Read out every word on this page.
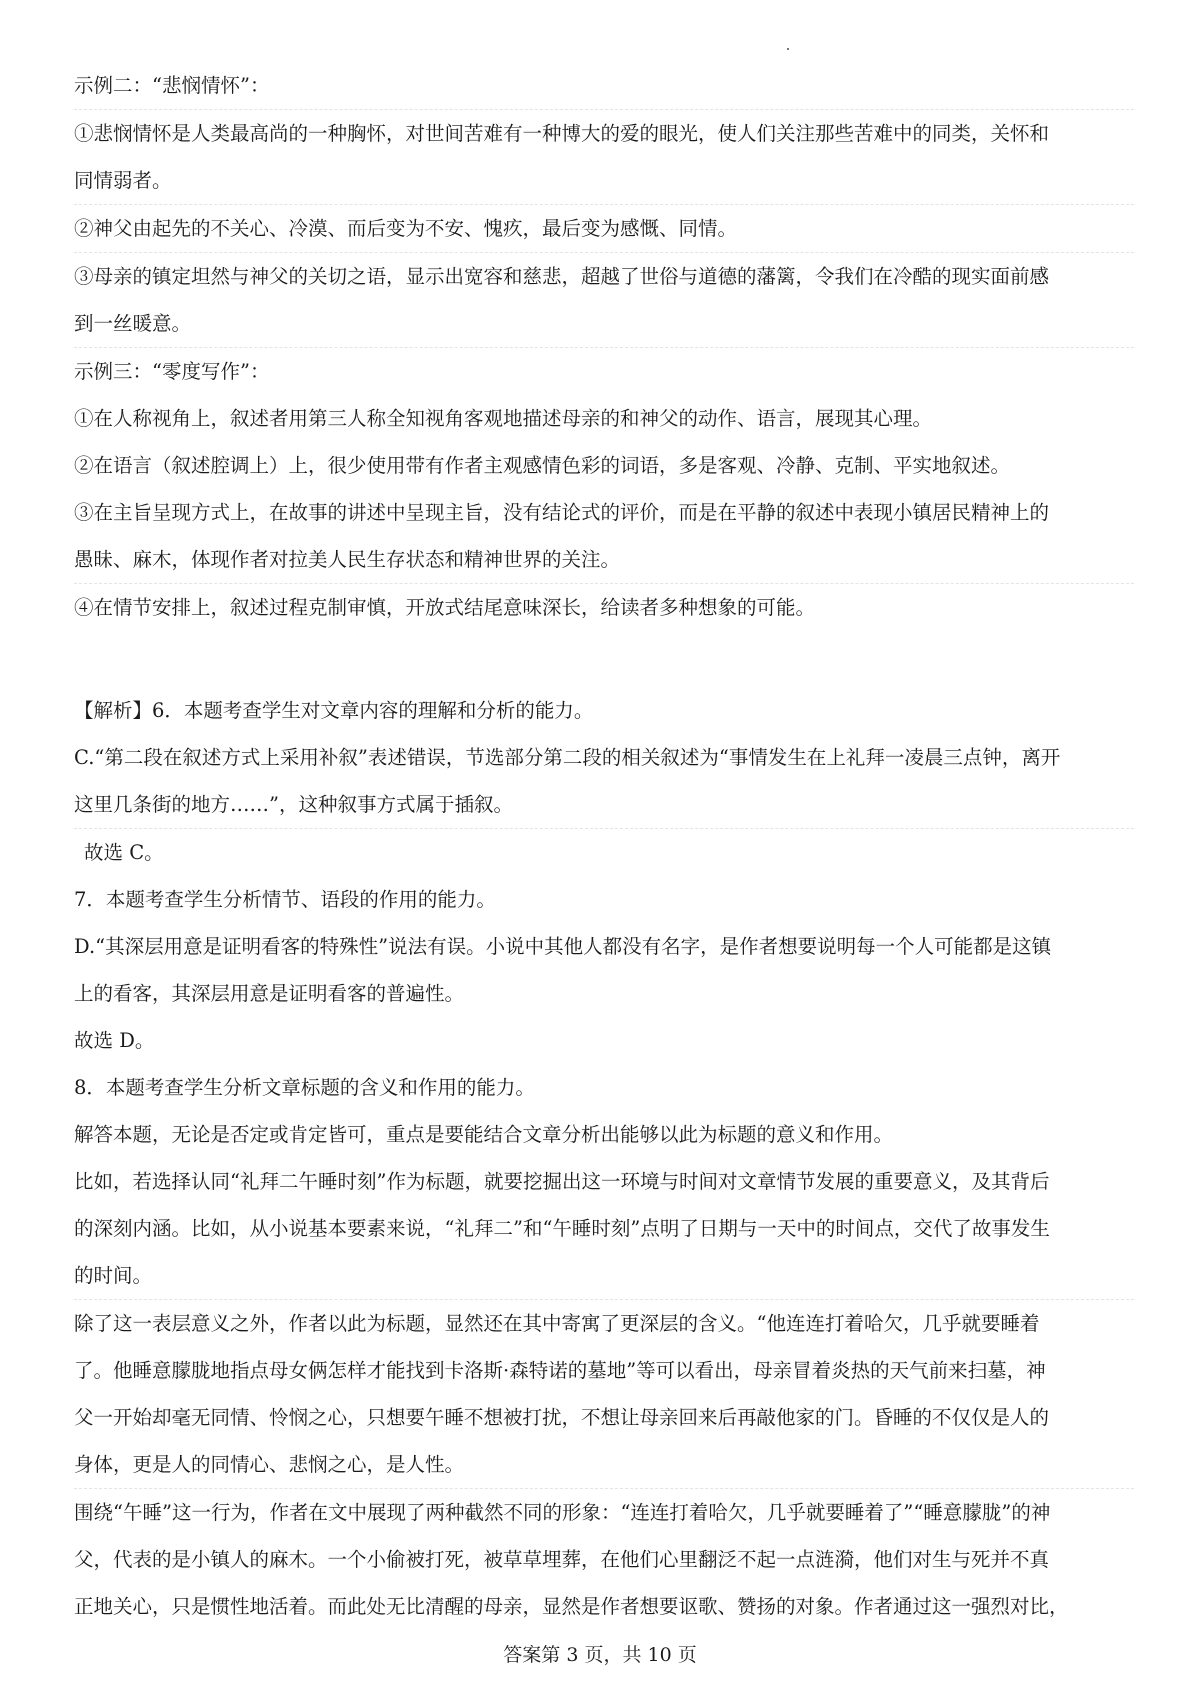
示例二：“悲悯情怀”：
①悲悯情怀是人类最高尚的一种胸怀，对世间苦难有一种博大的爱的眼光，使人们关注那些苦难中的同类，关怀和
同情弱者。
②神父由起先的不关心、冷漠、而后变为不安、愧疚，最后变为感慨、同情。
③母亲的镇定坦然与神父的关切之语，显示出宽容和慈悲，超越了世俗与道德的藩篱，令我们在冷酷的现实面前感
到一丝暖意。
示例三：“零度写作”：
①在人称视角上，叙述者用第三人称全知视角客观地描述母亲的和神父的动作、语言，展现其心理。
②在语言（叙述腔调上）上，很少使用带有作者主观感情色彩的词语，多是客观、冷静、克制、平实地叙述。
③在主旨呈现方式上，在故事的讲述中呈现主旨，没有结论式的评价，而是在平静的叙述中表现小镇居民精神上的
愚昧、麻木，体现作者对拉美人民生存状态和精神世界的关注。
④在情节安排上，叙述过程克制审慎，开放式结尾意味深长，给读者多种想象的可能。
【解析】6．本题考查学生对文章内容的理解和分析的能力。
C.“第二段在叙述方式上采用补叙”表述错误，节选部分第二段的相关叙述为“事情发生在上礼拜一凌晨三点钟，离开
这里几条街的地方……”，这种叙事方式属于插叙。
故选 C。
7．本题考查学生分析情节、语段的作用的能力。
D.“其深层用意是证明看客的特殊性”说法有误。小说中其他人都没有名字，是作者想要说明每一个人可能都是这镇
上的看客，其深层用意是证明看客的普遍性。
故选 D。
8．本题考查学生分析文章标题的含义和作用的能力。
解答本题，无论是否定或肯定皆可，重点是要能结合文章分析出能够以此为标题的意义和作用。
比如，若选择认同“礼拜二午睡时刻”作为标题，就要挖掘出这一环境与时间对文章情节发展的重要意义，及其背后
的深刻内涵。比如，从小说基本要素来说，“礼拜二”和“午睡时刻”点明了日期与一天中的时间点，交代了故事发生
的时间。
除了这一表层意义之外，作者以此为标题，显然还在其中寄寓了更深层的含义。“他连连打着哈欠，几乎就要睡着
了。他睡意朦胧地指点母女俩怎样才能找到卡洛斯·森特诺的墓地”等可以看出，母亲冒着炎热的天气前来扫墓，神
父一开始却毫无同情、怜悯之心，只想要午睡不想被打扰，不想让母亲回来后再敲他家的门。昏睡的不仅仅是人的
身体，更是人的同情心、悲悯之心，是人性。
围绕“午睡”这一行为，作者在文中展现了两种截然不同的形象：“连连打着哈欠，几乎就要睡着了”“睡意朦胧”的神
父，代表的是小镇人的麻木。一个小偷被打死，被草草埋葬，在他们心里翻泛不起一点涟漪，他们对生与死并不真
正地关心，只是惯性地活着。而此处无比清醒的母亲，显然是作者想要讴歌、赞扬的对象。作者通过这一强烈对比，
答案第 3 页，共 10 页
